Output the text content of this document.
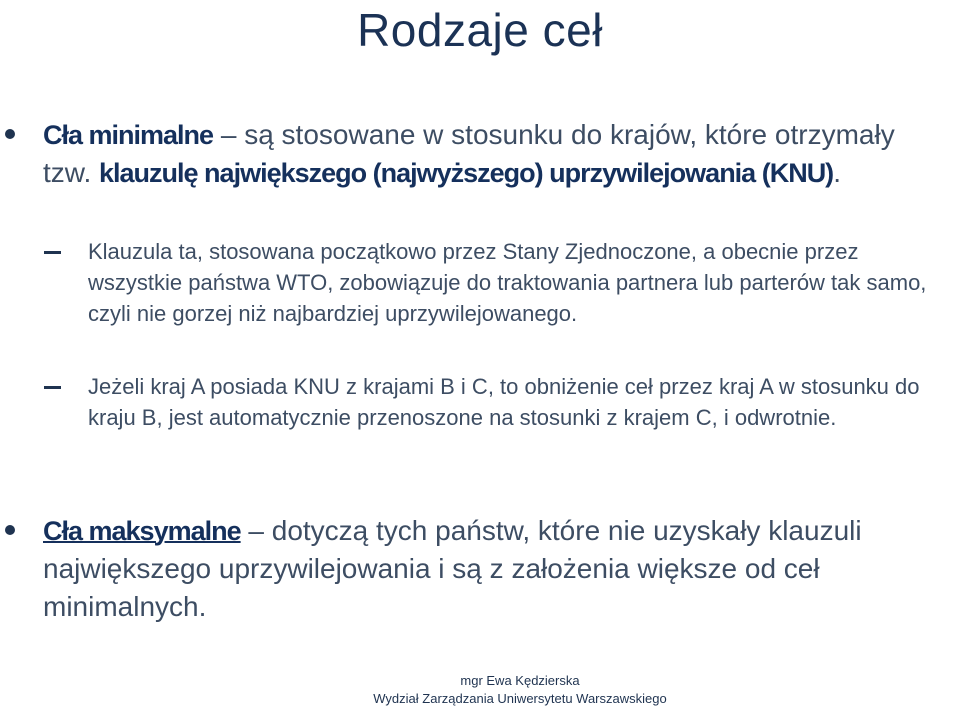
Rodzaje ceł
Cła minimalne – są stosowane w stosunku do krajów, które otrzymały tzw. klauzulę największego (najwyższego) uprzywilejowania (KNU).
Klauzula ta, stosowana początkowo przez Stany Zjednoczone, a obecnie przez wszystkie państwa WTO, zobowiązuje do traktowania partnera lub parterów tak samo, czyli nie gorzej niż najbardziej uprzywilejowanego.
Jeżeli kraj A posiada KNU z krajami B i C, to obniżenie ceł przez kraj A w stosunku do kraju B, jest automatycznie przenoszone na stosunki z krajem C, i odwrotnie.
Cła maksymalne – dotyczą tych państw, które nie uzyskały klauzuli największego uprzywilejowania i są z założenia większe od ceł minimalnych.
mgr Ewa Kędzierska
Wydział Zarządzania Uniwersytetu Warszawskiego
